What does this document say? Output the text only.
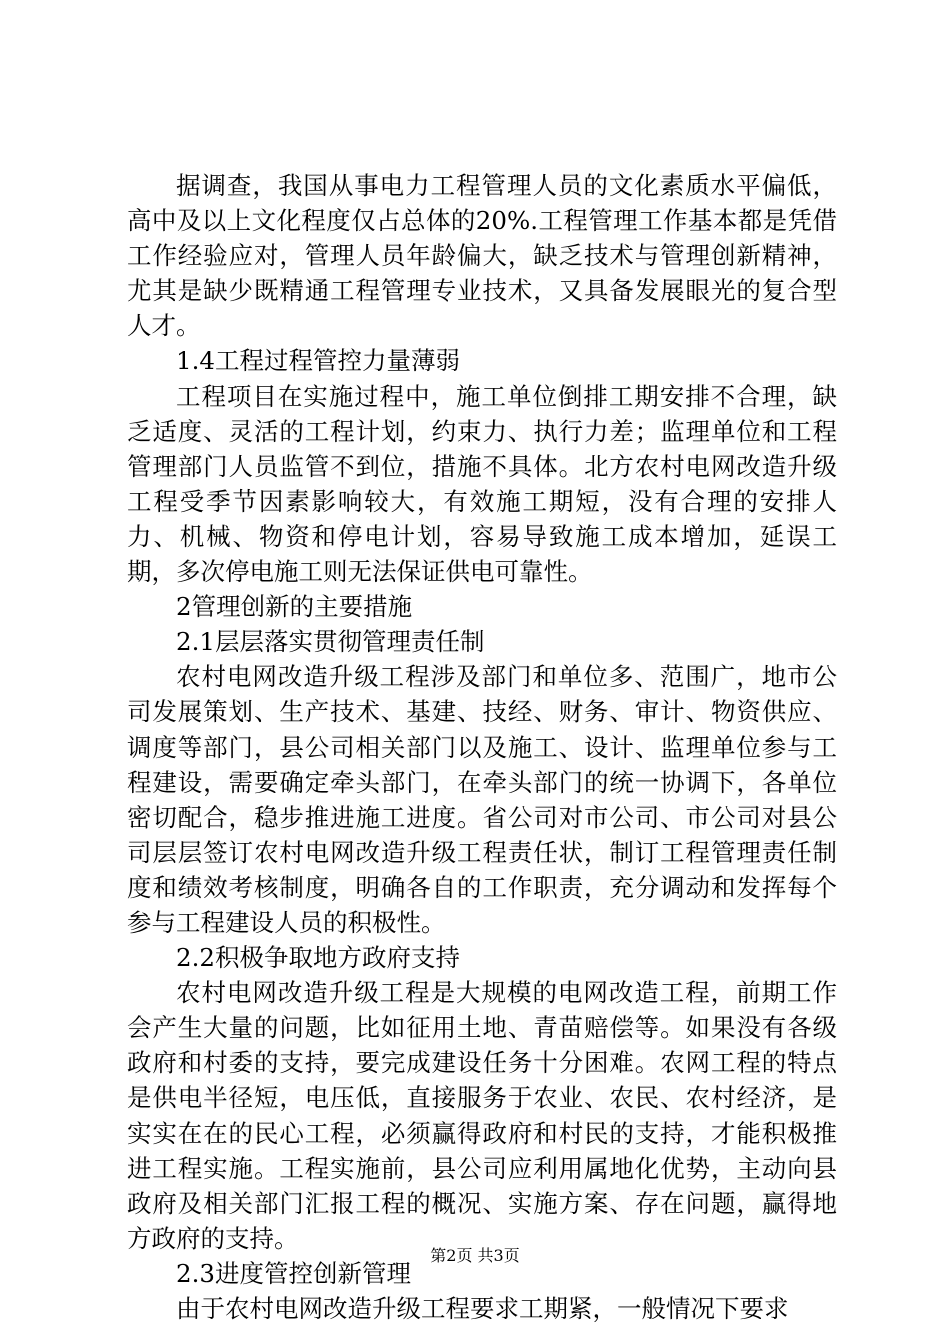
据调查，我国从事电力工程管理人员的文化素质水平偏低，高中及以上文化程度仅占总体的20%.工程管理工作基本都是凭借工作经验应对，管理人员年龄偏大，缺乏技术与管理创新精神，尤其是缺少既精通工程管理专业技术，又具备发展眼光的复合型人才。

1.4工程过程管控力量薄弱

工程项目在实施过程中，施工单位倒排工期安排不合理，缺乏适度、灵活的工程计划，约束力、执行力差；监理单位和工程管理部门人员监管不到位，措施不具体。北方农村电网改造升级工程受季节因素影响较大，有效施工期短，没有合理的安排人力、机械、物资和停电计划，容易导致施工成本增加，延误工期，多次停电施工则无法保证供电可靠性。

2管理创新的主要措施

2.1层层落实贯彻管理责任制

农村电网改造升级工程涉及部门和单位多、范围广，地市公司发展策划、生产技术、基建、技经、财务、审计、物资供应、调度等部门，县公司相关部门以及施工、设计、监理单位参与工程建设，需要确定牵头部门，在牵头部门的统一协调下，各单位密切配合，稳步推进施工进度。省公司对市公司、市公司对县公司层层签订农村电网改造升级工程责任状，制订工程管理责任制度和绩效考核制度，明确各自的工作职责，充分调动和发挥每个参与工程建设人员的积极性。

2.2积极争取地方政府支持

农村电网改造升级工程是大规模的电网改造工程，前期工作会产生大量的问题，比如征用土地、青苗赔偿等。如果没有各级政府和村委的支持，要完成建设任务十分困难。农网工程的特点是供电半径短，电压低，直接服务于农业、农民、农村经济，是实实在在的民心工程，必须赢得政府和村民的支持，才能积极推进工程实施。工程实施前，县公司应利用属地化优势，主动向县政府及相关部门汇报工程的概况、实施方案、存在问题，赢得地方政府的支持。

2.3进度管控创新管理

由于农村电网改造升级工程要求工期紧，一般情况下要求

第2页 共3页
